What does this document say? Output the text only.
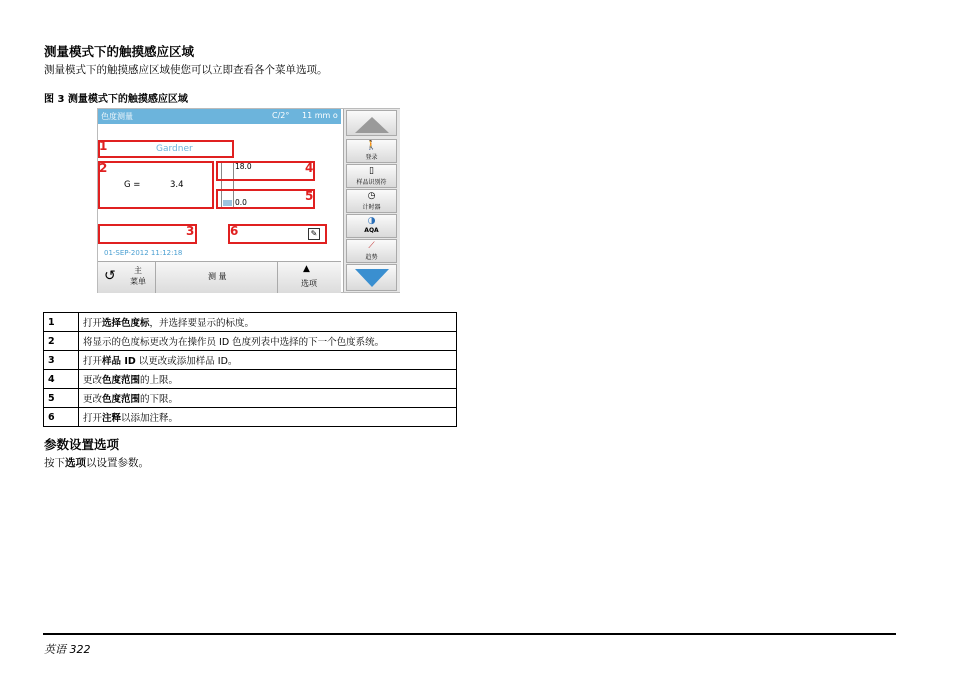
测量模式下的触摸感应区域
测量模式下的触摸感应区域使您可以立即查看各个菜单选项。
图 3 测量模式下的触摸感应区域
色度测量	C/2° 11 mm o
1	Gardner
2
G =	3.4
4
18.0
5
0.0
3	6	✎
01-SEP-2012 11:12:18
↺ 主
菜单
测 量
▲
选项
🚶
登录
▯
样品识别符
◷
计时器
◑
AQA
⟋
趋势
1	打开选择色度标，并选择要显示的标度。
2	将显示的色度标更改为在操作员 ID 色度列表中选择的下一个色度系统。
3	打开样品 ID 以更改或添加样品 ID。
4	更改色度范围的上限。
5	更改色度范围的下限。
6	打开注释以添加注释。
参数设置选项
按下选项以设置参数。
英语 322
